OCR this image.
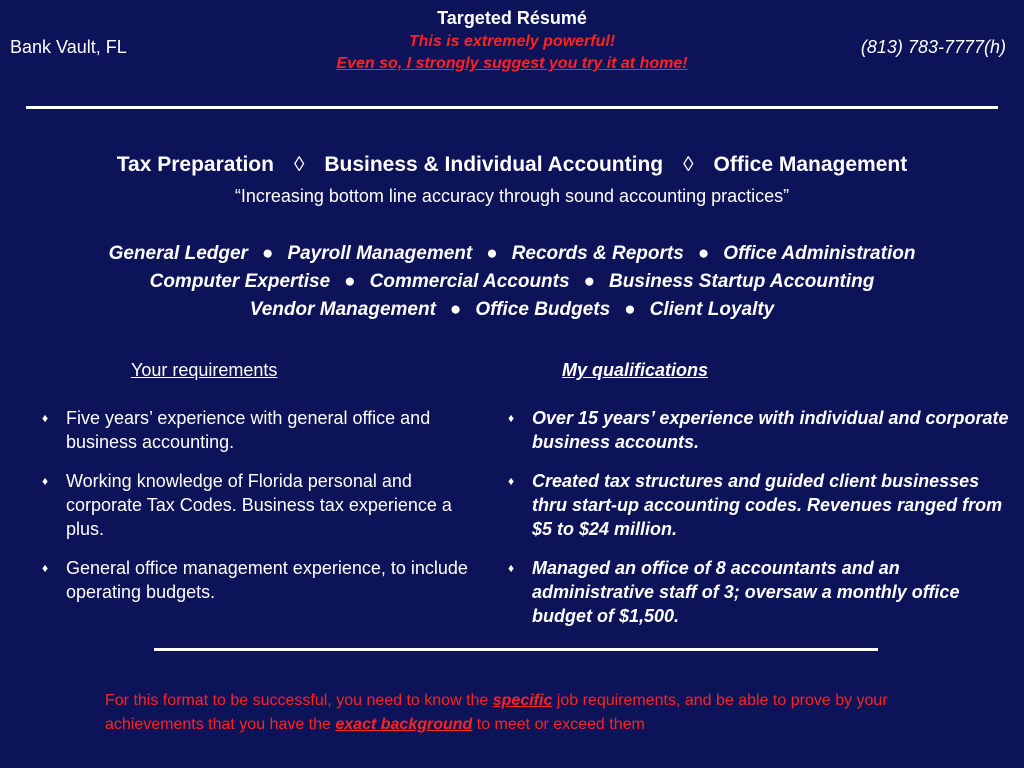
Targeted Résumé
This is extremely powerful!
Even so, I strongly suggest you try it at home!
Bank Vault, FL	(813) 783-7777(h)
Tax Preparation ◊ Business & Individual Accounting ◊ Office Management
“Increasing bottom line accuracy through sound accounting practices”
General Ledger ● Payroll Management ● Records & Reports ● Office Administration
Computer Expertise ● Commercial Accounts ● Business Startup Accounting
Vendor Management ● Office Budgets ● Client Loyalty
Your requirements	My qualifications
♦ Five years’ experience with general office and business accounting.
♦ Working knowledge of Florida personal and corporate Tax Codes. Business tax experience a plus.
♦ General office management experience, to include operating budgets.
♦ Over 15 years’ experience with individual and corporate business accounts.
♦ Created tax structures and guided client businesses thru start-up accounting codes. Revenues ranged from $5 to $24 million.
♦ Managed an office of 8 accountants and an administrative staff of 3; oversaw a monthly office budget of $1,500.
For this format to be successful, you need to know the specific job requirements, and be able to prove by your achievements that you have the exact background to meet or exceed them
